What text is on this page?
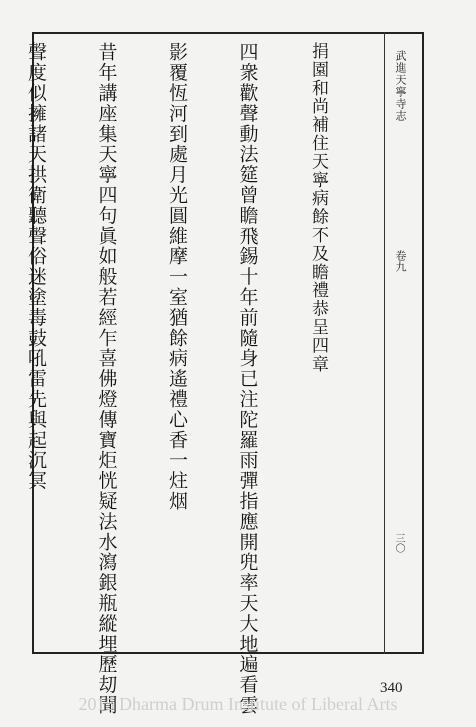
武進天寧寺志
卷九
三〇

捐園和尚補住天寧病餘不及瞻禮恭呈四章

四衆歡聲動法筵曾瞻飛錫十年前隨身已注陀羅雨彈指應開兜率天大地遍看雲

影覆恆河到處月光圓維摩一室猶餘病遙禮心香一炷烟

昔年講座集天寧四句眞如般若經乍喜佛燈傳寶炬恍疑法水瀉銀瓶縱埋歷刧聞

聲度似擁諸天拱衛聽聲俗迷塗毒鼓吼雷先與起沉冥

340
2015 Dharma Drum Institute of Liberal Arts
